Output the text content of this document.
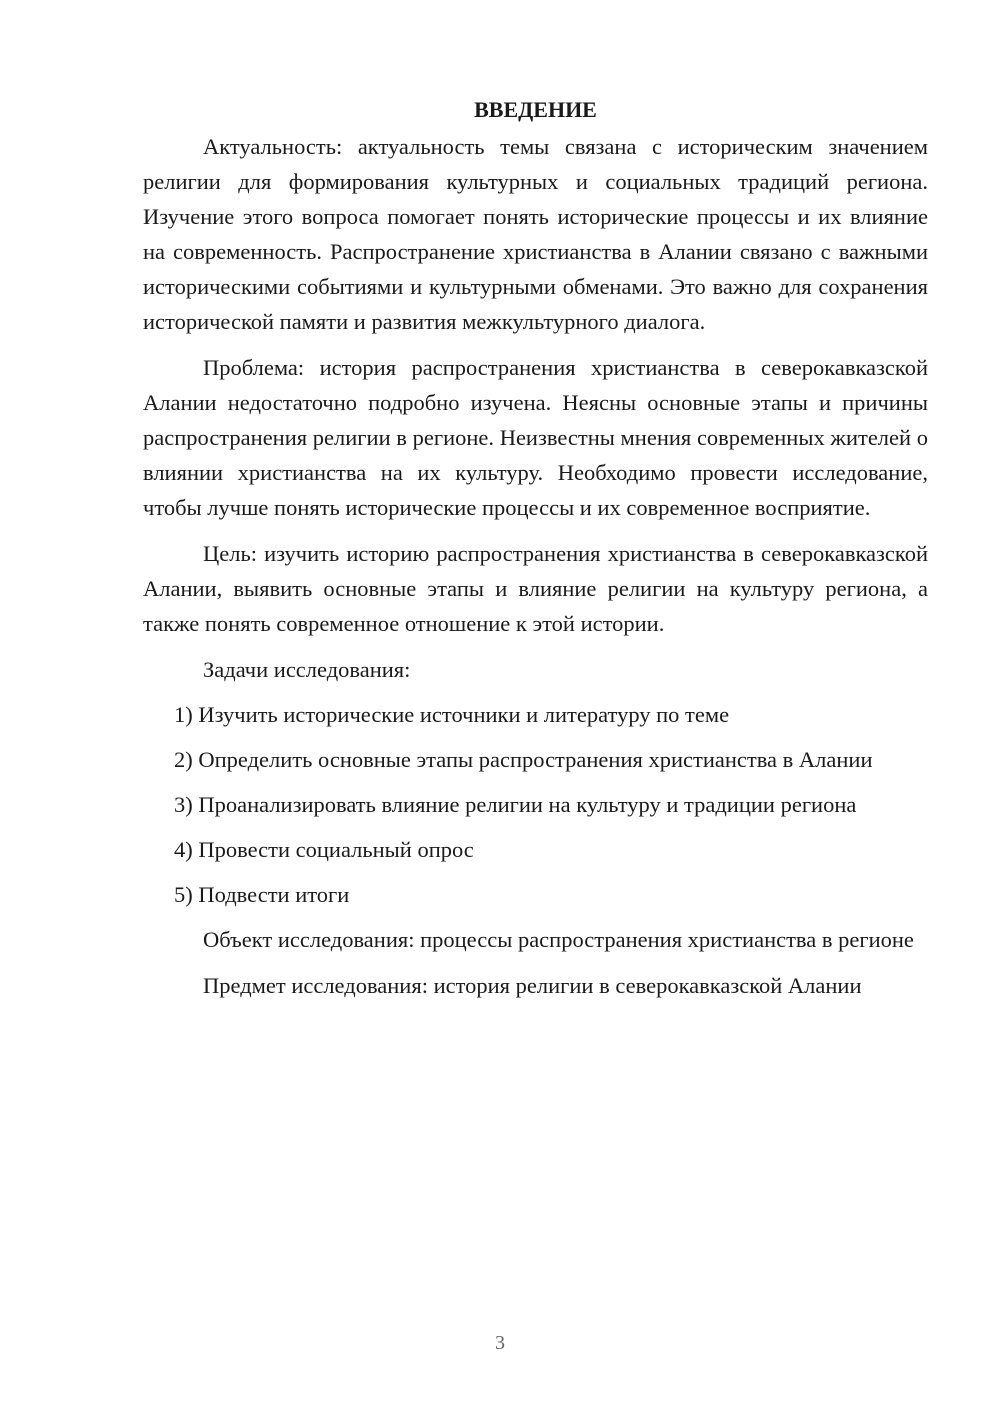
ВВЕДЕНИЕ

Актуальность: актуальность темы связана с историческим значением религии для формирования культурных и социальных традиций региона. Изучение этого вопроса помогает понять исторические процессы и их влияние на современность. Распространение христианства в Алании связано с важными историческими событиями и культурными обменами. Это важно для сохранения исторической памяти и развития межкультурного диалога.

Проблема: история распространения христианства в северокавказской Алании недостаточно подробно изучена. Неясны основные этапы и причины распространения религии в регионе. Неизвестны мнения современных жителей о влиянии христианства на их культуру. Необходимо провести исследование, чтобы лучше понять исторические процессы и их современное восприятие.

Цель: изучить историю распространения христианства в северокавказской Алании, выявить основные этапы и влияние религии на культуру региона, а также понять современное отношение к этой истории.

Задачи исследования:

1) Изучить исторические источники и литературу по теме

2) Определить основные этапы распространения христианства в Алании

3) Проанализировать влияние религии на культуру и традиции региона

4) Провести социальный опрос

5) Подвести итоги

Объект исследования: процессы распространения христианства в регионе

Предмет исследования: история религии в северокавказской Алании

3
